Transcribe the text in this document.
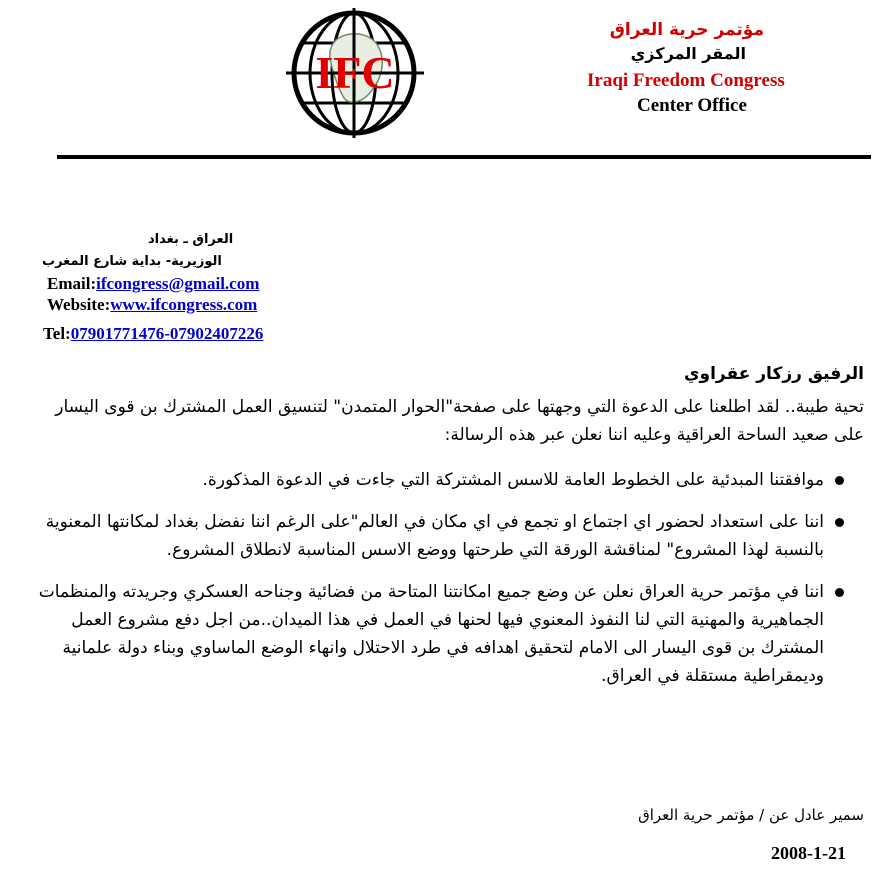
مؤتمر حرية العراق
المقر المركزي
Iraqi Freedom Congress
Center Office
IFC
العراق ـ بغداد
الوزيرية- بداية شارع المغرب
Email:ifcongress@gmail.com
Website:www.ifcongress.com
Tel:07901771476-07902407226
الرفيق رزكار عقراوي
تحية طيبة.. لقد اطلعنا على الدعوة التي وجهتها على صفحة"الحوار المتمدن" لتنسيق العمل المشترك بن قوى اليسار على صعيد الساحة العراقية وعليه اننا نعلن عبر هذه الرسالة:
موافقتنا المبدئية على الخطوط العامة للاسس المشتركة التي جاءت في الدعوة المذكورة.
اننا على استعداد لحضور اي اجتماع او تجمع في اي مكان في العالم"على الرغم اننا نفضل بغداد لمكانتها المعنوية بالنسبة لهذا المشروع" لمناقشة الورقة التي طرحتها ووضع الاسس المناسبة لانطلاق المشروع.
اننا في مؤتمر حرية العراق نعلن عن وضع جميع امكانتنا المتاحة من فضائية وجناحه العسكري وجريدته والمنظمات الجماهيرية والمهنية التي لنا النفوذ المعنوي فيها لحنها في العمل في هذا الميدان..من اجل دفع مشروع العمل المشترك بن قوى اليسار الى الامام لتحقيق اهدافه في طرد الاحتلال وانهاء الوضع الماساوي وبناء دولة علمانية وديمقراطية مستقلة في العراق.
سمير عادل عن / مؤتمر حرية العراق
2008-1-21
